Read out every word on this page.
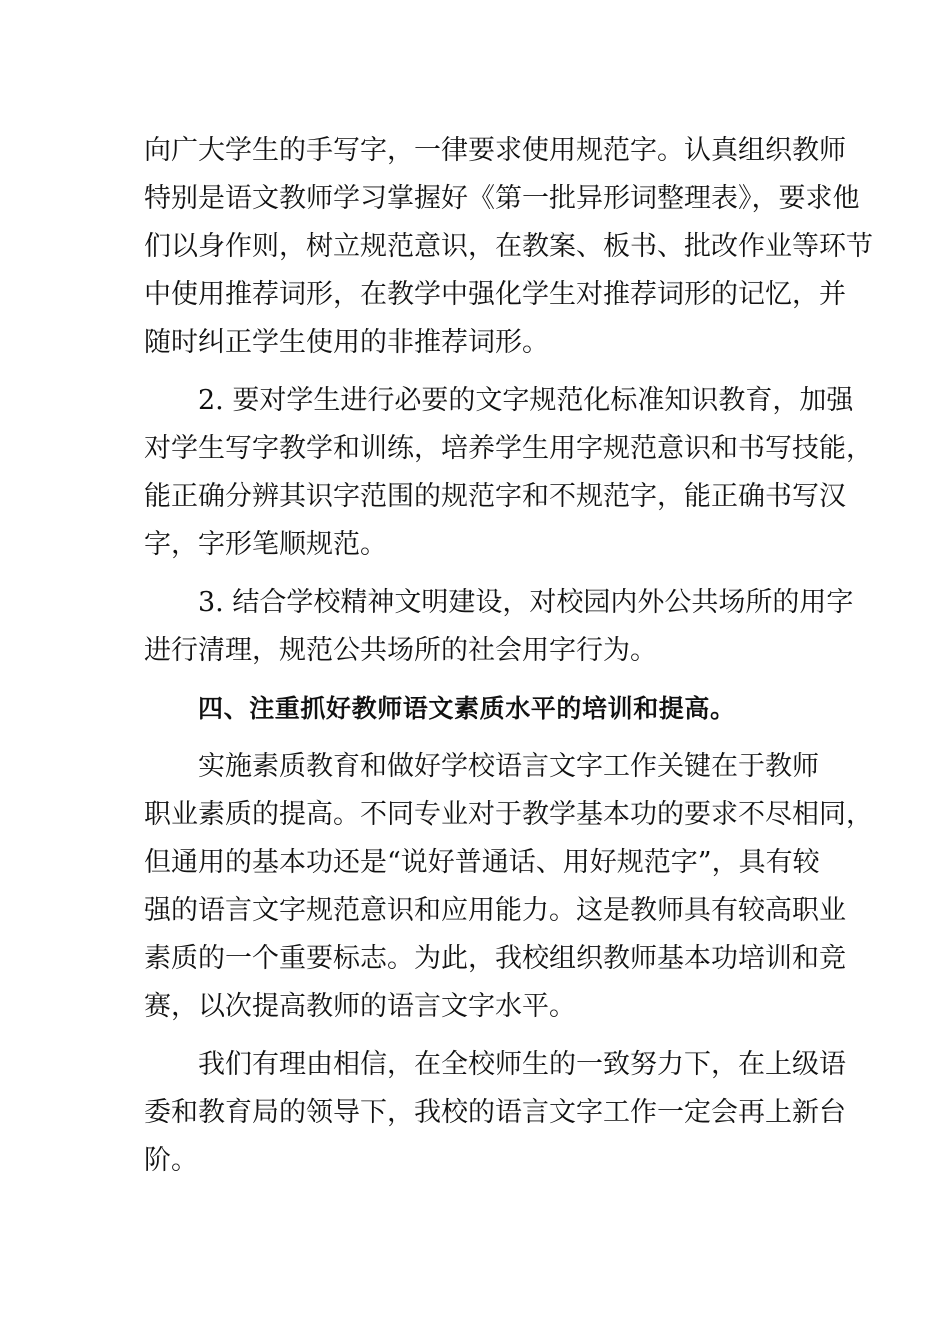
向广大学生的手写字，一律要求使用规范字。认真组织教师
特别是语文教师学习掌握好《第一批异形词整理表》，要求他
们以身作则，树立规范意识，在教案、板书、批改作业等环节
中使用推荐词形，在教学中强化学生对推荐词形的记忆，并
随时纠正学生使用的非推荐词形。
2. 要对学生进行必要的文字规范化标准知识教育，加强
对学生写字教学和训练，培养学生用字规范意识和书写技能，
能正确分辨其识字范围的规范字和不规范字，能正确书写汉
字，字形笔顺规范。
3. 结合学校精神文明建设，对校园内外公共场所的用字
进行清理，规范公共场所的社会用字行为。
四、注重抓好教师语文素质水平的培训和提高。
实施素质教育和做好学校语言文字工作关键在于教师
职业素质的提高。不同专业对于教学基本功的要求不尽相同，
但通用的基本功还是“说好普通话、用好规范字”，具有较
强的语言文字规范意识和应用能力。这是教师具有较高职业
素质的一个重要标志。为此，我校组织教师基本功培训和竞
赛，以次提高教师的语言文字水平。
我们有理由相信，在全校师生的一致努力下，在上级语
委和教育局的领导下，我校的语言文字工作一定会再上新台
阶。
